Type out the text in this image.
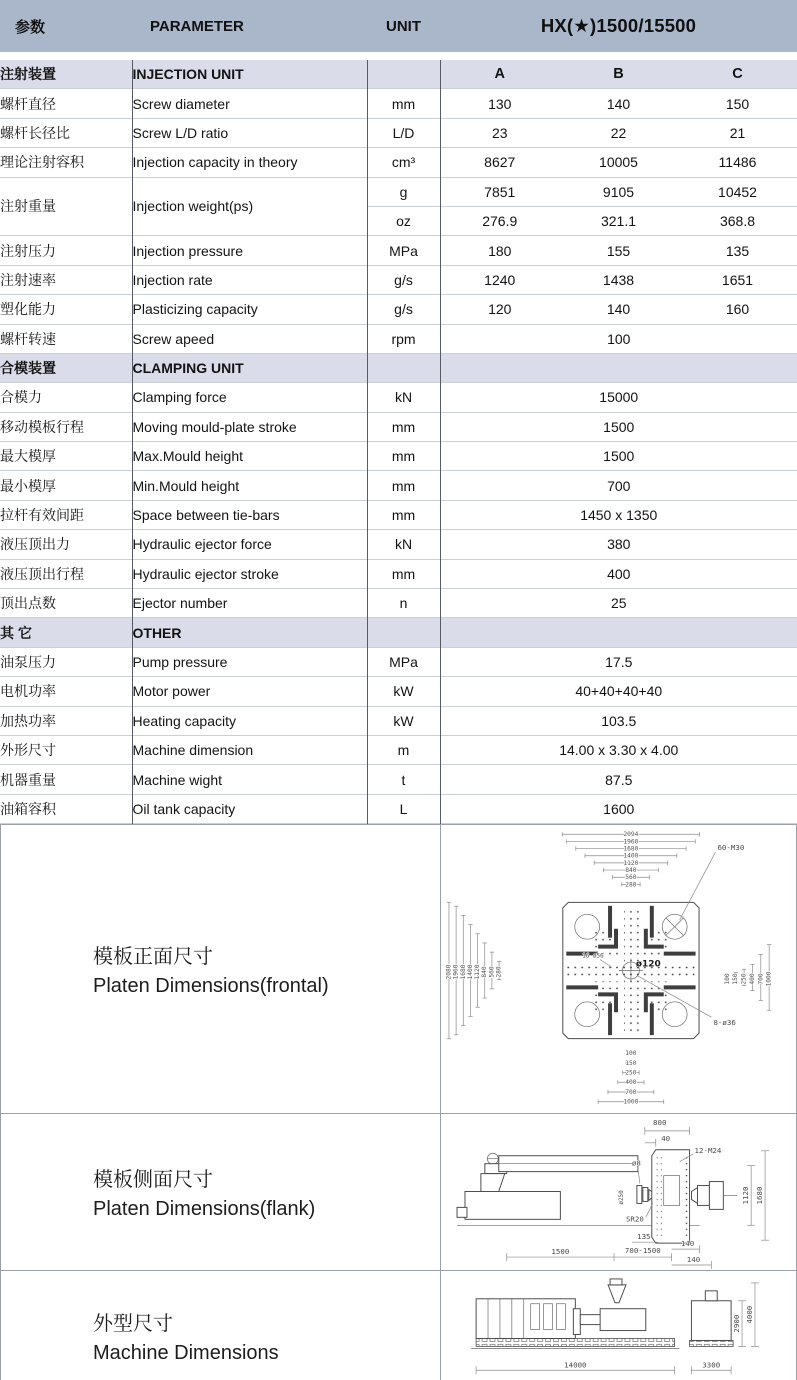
参数	PARAMETER	UNIT	HX(★)1500/15500
注射装置	INJECTION UNIT		A	B	C
螺杆直径	Screw diameter	mm	130	140	150
螺杆长径比	Screw L/D ratio	L/D	23	22	21
理论注射容积	Injection capacity in theory	cm³	8627	10005	11486
注射重量	Injection weight(ps)	g	7851	9105	10452
		oz	276.9	321.1	368.8
注射压力	Injection pressure	MPa	180	155	135
注射速率	Injection rate	g/s	1240	1438	1651
塑化能力	Plasticizing capacity	g/s	120	140	160
螺杆转速	Screw apeed	rpm	100		
合模装置	CLAMPING UNIT				
合模力	Clamping force	kN	15000		
移动模板行程	Moving mould-plate stroke	mm	1500		
最大模厚	Max.Mould height	mm	1500		
最小模厚	Min.Mould height	mm	700		
拉杆有效间距	Space between tie-bars	mm	1450 x 1350		
液压顶出力	Hydraulic ejector force	kN	380		
液压顶出行程	Hydraulic ejector stroke	mm	400		
顶出点数	Ejector number	n	25		
其 它	OTHER				
油泵压力	Pump pressure	MPa	17.5		
电机功率	Motor power	kW	40+40+40+40		
加热功率	Heating capacity	kW	103.5		
外形尺寸	Machine dimension	m	14.00 x 3.30 x 4.00		
机器重量	Machine wight	t	87.5		
油箱容积	Oil tank capacity	L	1600		
模板正面尺寸
Platen Dimensions(frontal)
60-M30
16-ø56
ø120
8-ø36
2094
1960
1680
1400
1120
840
560
280
2080 1960 1680 1400 1120 840 560 280
100
150
250
400
700
1000
100 150 250 400 700 1000
模板侧面尺寸
Platen Dimensions(flank)
800
40
12-M24
ø8
ø250
SR20
1120 1680
135
700-1500
1500
140
140
外型尺寸
Machine Dimensions
14000	3300
2900 4000
